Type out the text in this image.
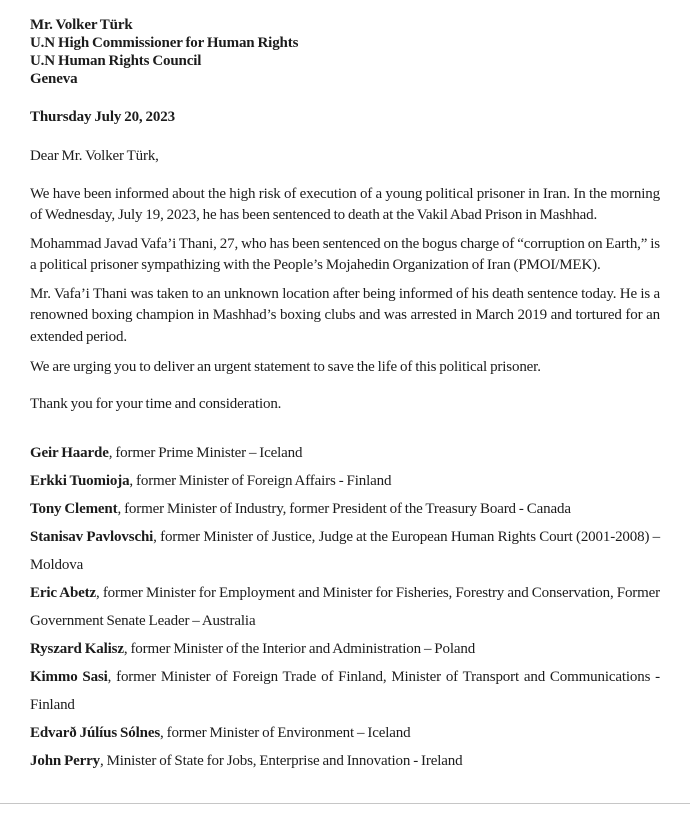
Mr. Volker Türk

U.N High Commissioner for Human Rights

U.N Human Rights Council

Geneva

Thursday July 20, 2023

Dear Mr. Volker Türk,

We have been informed about the high risk of execution of a young political prisoner in Iran. In the morning of Wednesday, July 19, 2023, he has been sentenced to death at the Vakil Abad Prison in Mashhad.

Mohammad Javad Vafa’i Thani, 27, who has been sentenced on the bogus charge of “corruption on Earth,” is a political prisoner sympathizing with the People’s Mojahedin Organization of Iran (PMOI/MEK).

Mr. Vafa’i Thani was taken to an unknown location after being informed of his death sentence today. He is a renowned boxing champion in Mashhad’s boxing clubs and was arrested in March 2019 and tortured for an extended period.

We are urging you to deliver an urgent statement to save the life of this political prisoner.

Thank you for your time and consideration.

Geir Haarde, former Prime Minister – Iceland

Erkki Tuomioja, former Minister of Foreign Affairs - Finland

Tony Clement, former Minister of Industry, former President of the Treasury Board - Canada

Stanisav Pavlovschi, former Minister of Justice, Judge at the European Human Rights Court (2001-2008) – Moldova

Eric Abetz, former Minister for Employment and Minister for Fisheries, Forestry and Conservation, Former Government Senate Leader – Australia

Ryszard Kalisz, former Minister of the Interior and Administration – Poland

Kimmo Sasi, former Minister of Foreign Trade of Finland, Minister of Transport and Communications - Finland

Edvarð Júlíus Sólnes, former Minister of Environment – Iceland

John Perry, Minister of State for Jobs, Enterprise and Innovation - Ireland
